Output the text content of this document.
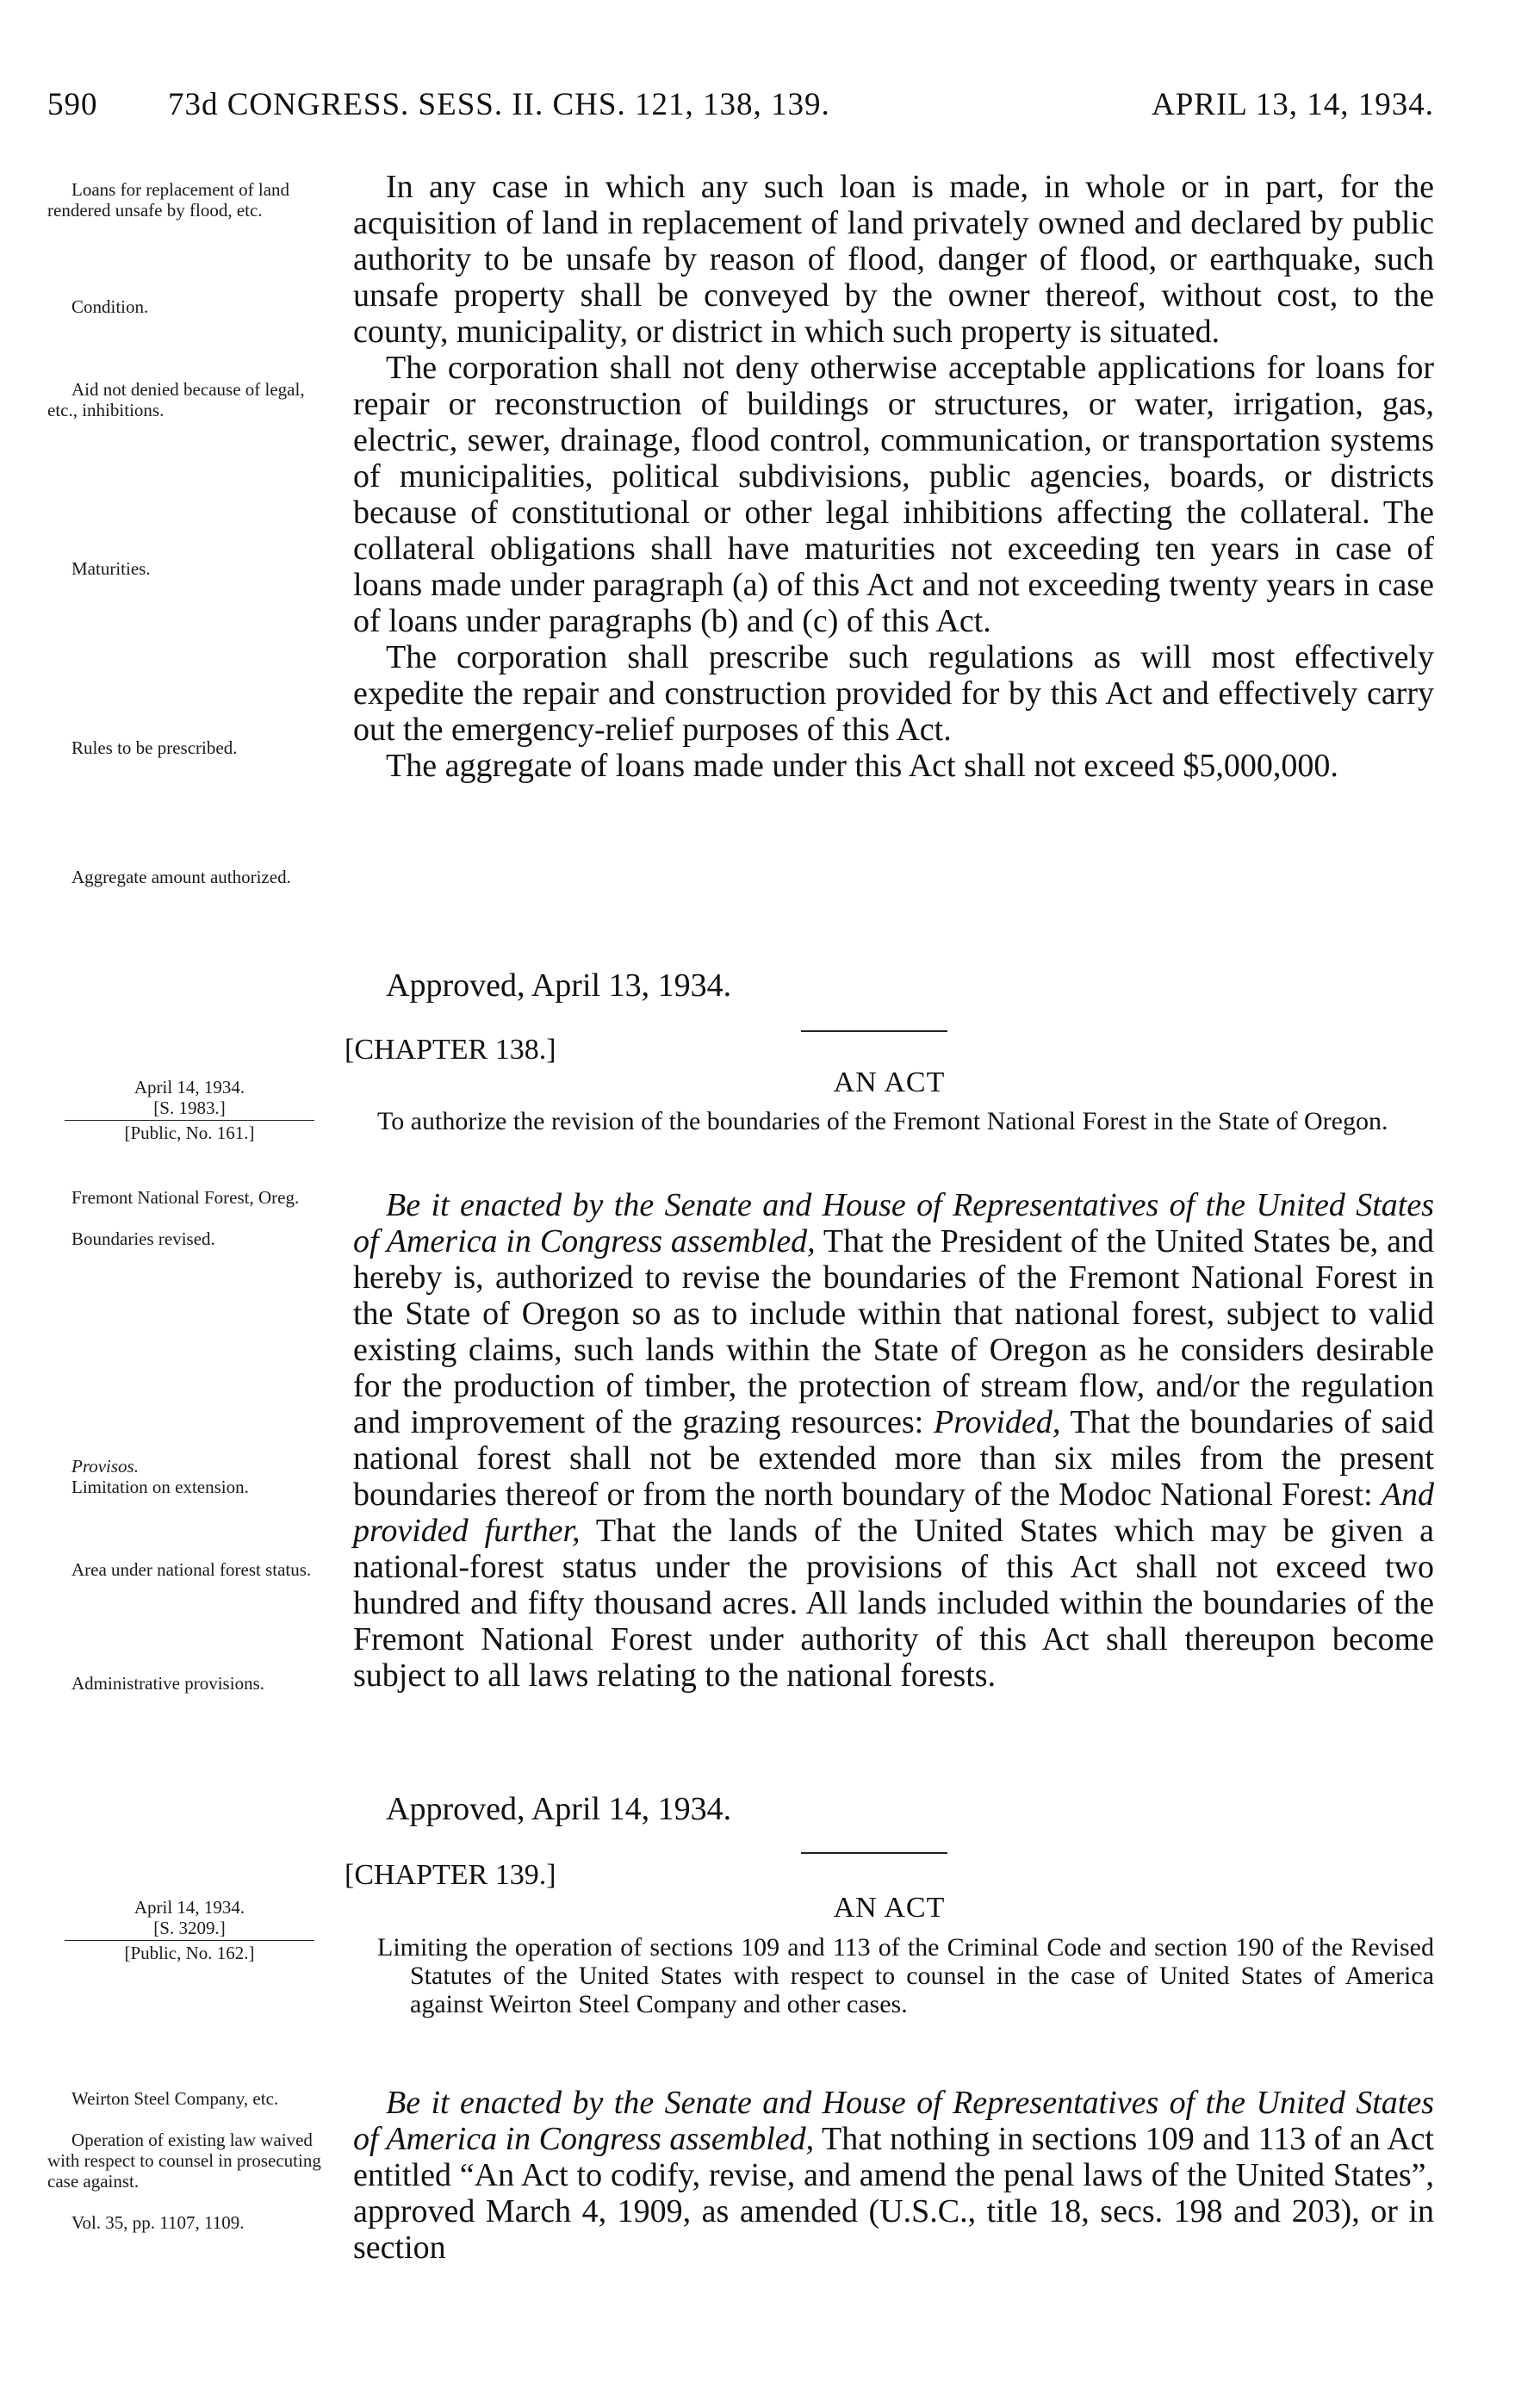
590 73d CONGRESS. SESS. II. CHS. 121, 138, 139.	APRIL 13, 14, 1934.
Loans for replacement of land rendered unsafe by flood, etc.
Condition.
Aid not denied because of legal, etc., inhibitions.
Maturities.
Rules to be prescribed.
Aggregate amount authorized.
April 14, 1934.
[S. 1983.]
[Public, No. 161.]
Fremont National Forest, Oreg.
Boundaries revised.
Provisos.
Limitation on extension.
Area under national forest status.
Administrative provisions.
April 14, 1934.
[S. 3209.]
[Public, No. 162.]
Weirton Steel Company, etc.
Operation of existing law waived with respect to counsel in prosecuting case against.
Vol. 35, pp. 1107, 1109.

In any case in which any such loan is made, in whole or in part, for the acquisition of land in replacement of land privately owned and declared by public authority to be unsafe by reason of flood, danger of flood, or earthquake, such unsafe property shall be conveyed by the owner thereof, without cost, to the county, municipality, or district in which such property is situated.

The corporation shall not deny otherwise acceptable applications for loans for repair or reconstruction of buildings or structures, or water, irrigation, gas, electric, sewer, drainage, flood control, communication, or transportation systems of municipalities, political subdivisions, public agencies, boards, or districts because of constitutional or other legal inhibitions affecting the collateral. The collateral obligations shall have maturities not exceeding ten years in case of loans made under paragraph (a) of this Act and not exceeding twenty years in case of loans under paragraphs (b) and (c) of this Act.

The corporation shall prescribe such regulations as will most effectively expedite the repair and construction provided for by this Act and effectively carry out the emergency-relief purposes of this Act.

The aggregate of loans made under this Act shall not exceed $5,000,000.

Approved, April 13, 1934.
[CHAPTER 138.]
AN ACT

To authorize the revision of the boundaries of the Fremont National Forest in the State of Oregon.

Be it enacted by the Senate and House of Representatives of the United States of America in Congress assembled, That the President of the United States be, and hereby is, authorized to revise the boundaries of the Fremont National Forest in the State of Oregon so as to include within that national forest, subject to valid existing claims, such lands within the State of Oregon as he considers desirable for the production of timber, the protection of stream flow, and/or the regulation and improvement of the grazing resources: Provided, That the boundaries of said national forest shall not be extended more than six miles from the present boundaries thereof or from the north boundary of the Modoc National Forest: And provided further, That the lands of the United States which may be given a national-forest status under the provisions of this Act shall not exceed two hundred and fifty thousand acres. All lands included within the boundaries of the Fremont National Forest under authority of this Act shall thereupon become subject to all laws relating to the national forests.

Approved, April 14, 1934.
[CHAPTER 139.]
AN ACT

Limiting the operation of sections 109 and 113 of the Criminal Code and section 190 of the Revised Statutes of the United States with respect to counsel in the case of United States of America against Weirton Steel Company and other cases.

Be it enacted by the Senate and House of Representatives of the United States of America in Congress assembled, That nothing in sections 109 and 113 of an Act entitled “An Act to codify, revise, and amend the penal laws of the United States”, approved March 4, 1909, as amended (U.S.C., title 18, secs. 198 and 203), or in section
